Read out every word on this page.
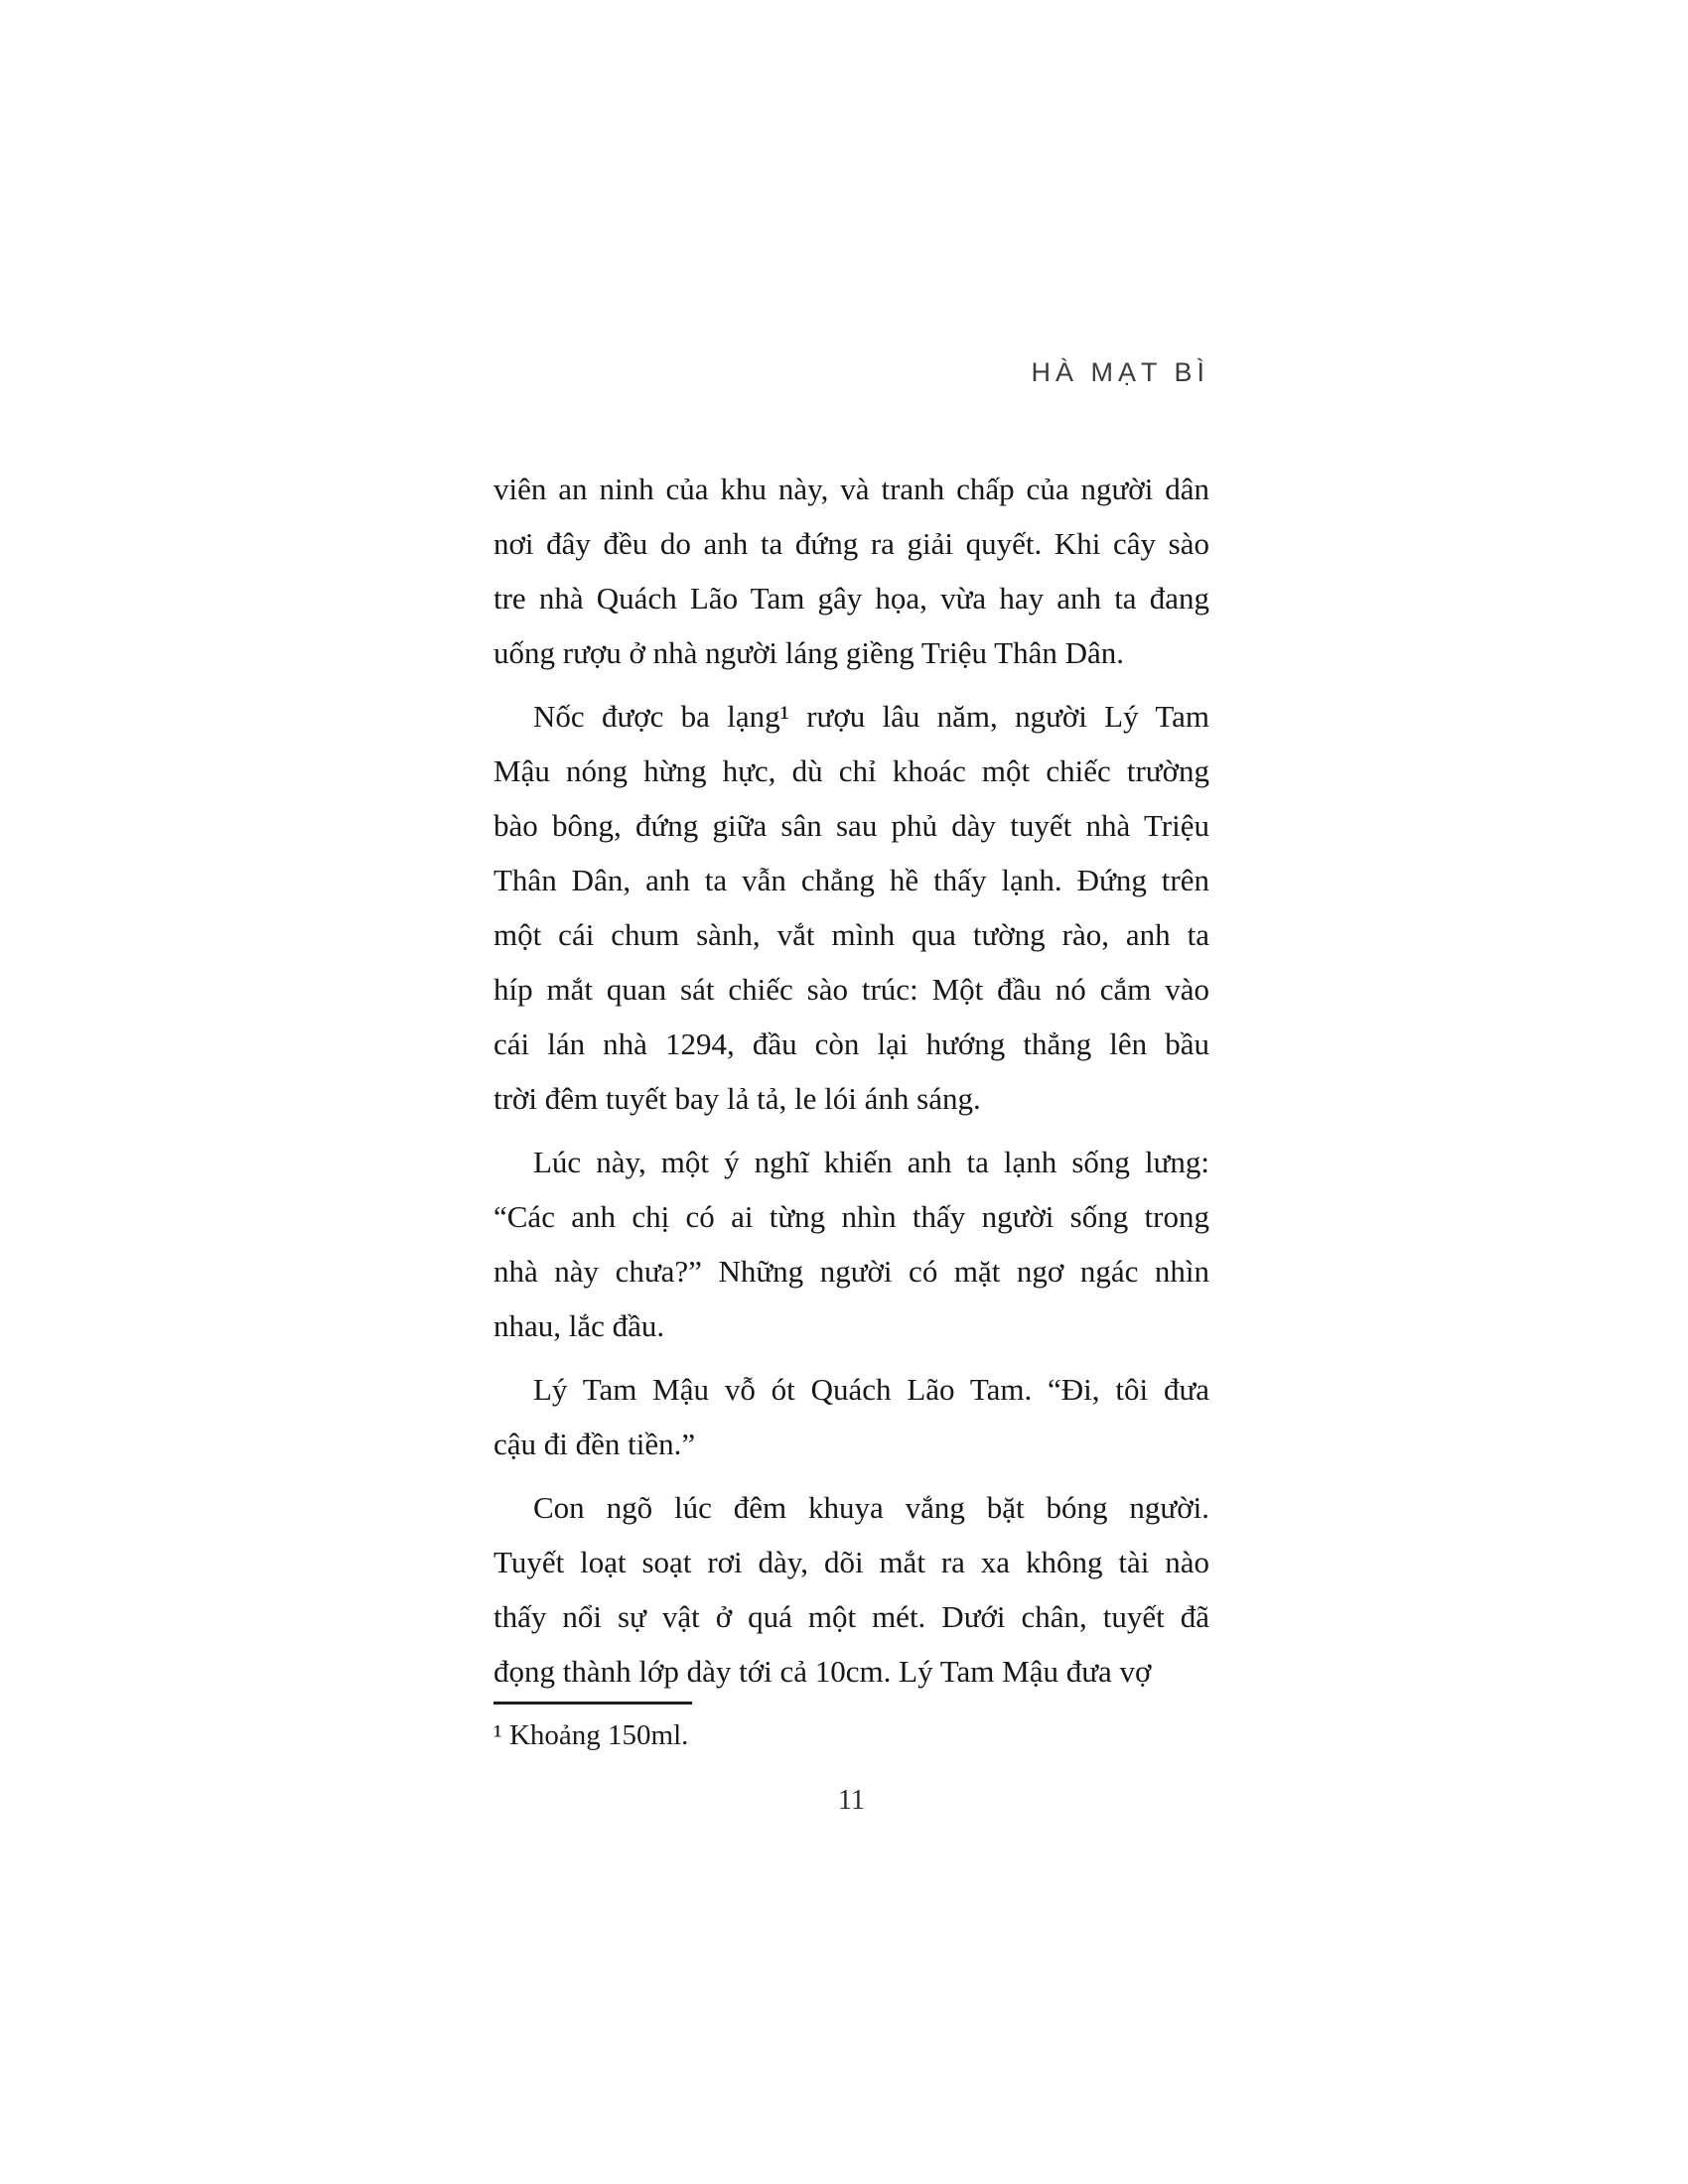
HÀ MẠT BÌ

viên an ninh của khu này, và tranh chấp của người dân
nơi đây đều do anh ta đứng ra giải quyết. Khi cây sào
tre nhà Quách Lão Tam gây họa, vừa hay anh ta đang
uống rượu ở nhà người láng giềng Triệu Thân Dân.

Nốc được ba lạng¹ rượu lâu năm, người Lý Tam
Mậu nóng hừng hực, dù chỉ khoác một chiếc trường
bào bông, đứng giữa sân sau phủ dày tuyết nhà Triệu
Thân Dân, anh ta vẫn chẳng hề thấy lạnh. Đứng trên
một cái chum sành, vắt mình qua tường rào, anh ta
híp mắt quan sát chiếc sào trúc: Một đầu nó cắm vào
cái lán nhà 1294, đầu còn lại hướng thẳng lên bầu
trời đêm tuyết bay lả tả, le lói ánh sáng.

Lúc này, một ý nghĩ khiến anh ta lạnh sống lưng:
“Các anh chị có ai từng nhìn thấy người sống trong
nhà này chưa?” Những người có mặt ngơ ngác nhìn
nhau, lắc đầu.

Lý Tam Mậu vỗ ót Quách Lão Tam. “Đi, tôi đưa
cậu đi đền tiền.”

Con ngõ lúc đêm khuya vắng bặt bóng người.
Tuyết loạt soạt rơi dày, dõi mắt ra xa không tài nào
thấy nổi sự vật ở quá một mét. Dưới chân, tuyết đã
đọng thành lớp dày tới cả 10cm. Lý Tam Mậu đưa vợ

¹ Khoảng 150ml.
11
